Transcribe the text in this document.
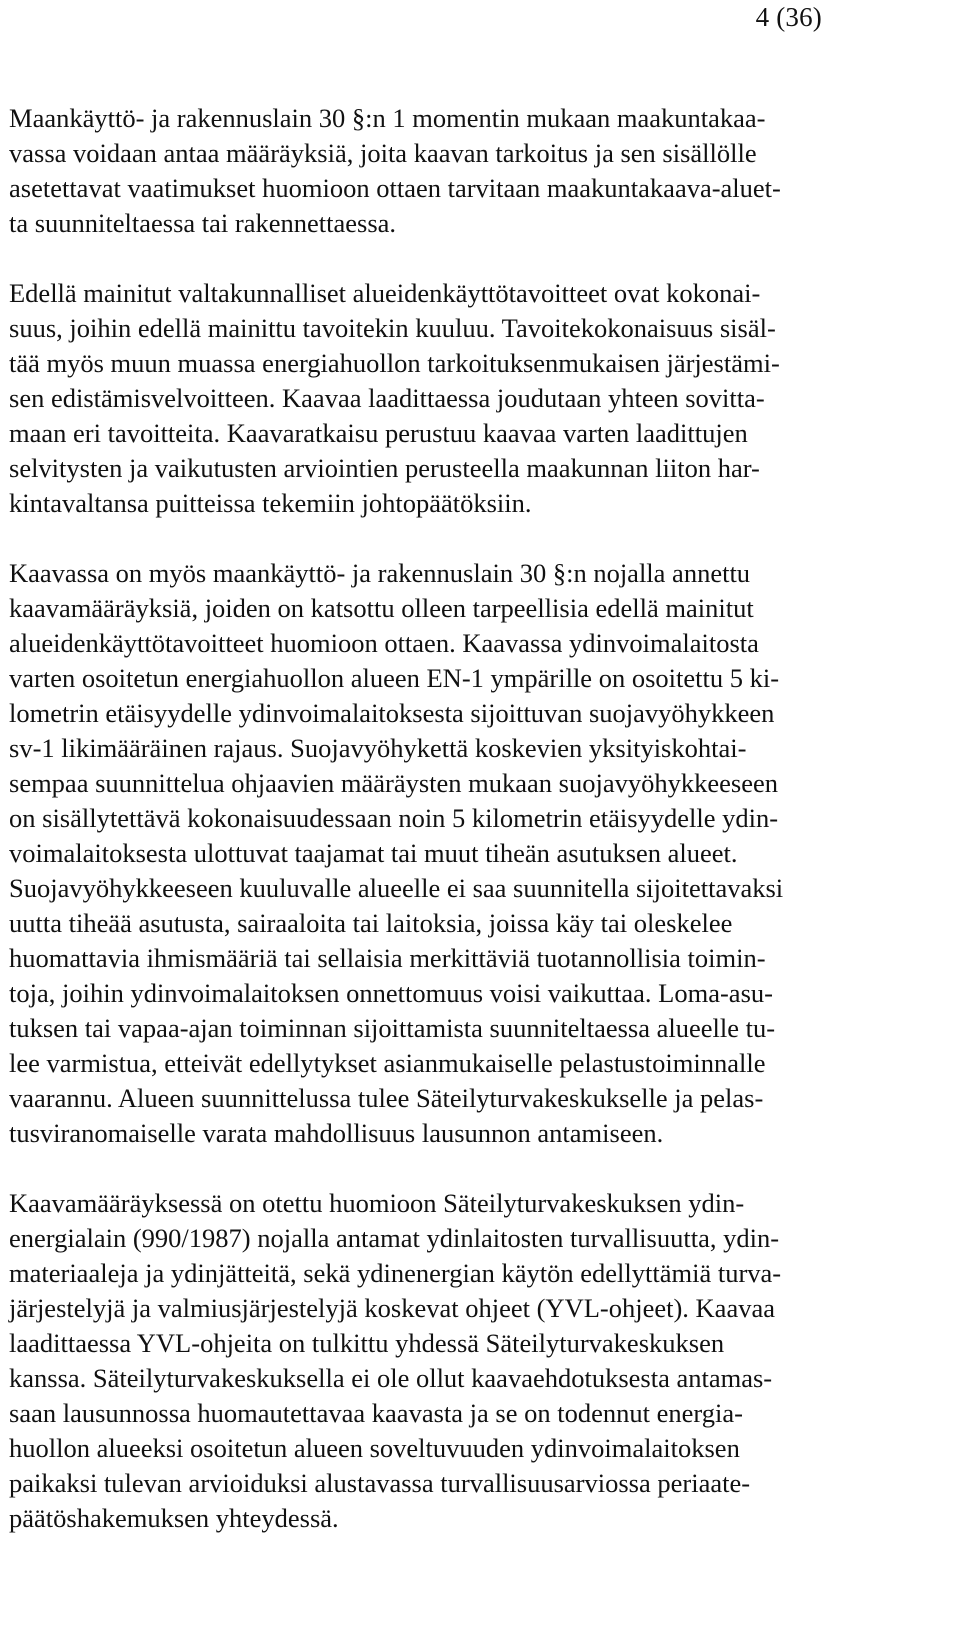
4 (36)

Maankäyttö- ja rakennuslain 30 §:n 1 momentin mukaan maakuntakaa-
vassa voidaan antaa määräyksiä, joita kaavan tarkoitus ja sen sisällölle
asetettavat vaatimukset huomioon ottaen tarvitaan maakuntakaava-aluet-
ta suunniteltaessa tai rakennettaessa.

Edellä mainitut valtakunnalliset alueidenkäyttötavoitteet ovat kokonai-
suus, joihin edellä mainittu tavoitekin kuuluu. Tavoitekokonaisuus sisäl-
tää myös muun muassa energiahuollon tarkoituksenmukaisen järjestämi-
sen edistämisvelvoitteen. Kaavaa laadittaessa joudutaan yhteen sovitta-
maan eri tavoitteita. Kaavaratkaisu perustuu kaavaa varten laadittujen
selvitysten ja vaikutusten arviointien perusteella maakunnan liiton har-
kintavaltansa puitteissa tekemiin johtopäätöksiin.

Kaavassa on myös maankäyttö- ja rakennuslain 30 §:n nojalla annettu
kaavamääräyksiä, joiden on katsottu olleen tarpeellisia edellä mainitut
alueidenkäyttötavoitteet huomioon ottaen. Kaavassa ydinvoimalaitosta
varten osoitetun energiahuollon alueen EN-1 ympärille on osoitettu 5 ki-
lometrin etäisyydelle ydinvoimalaitoksesta sijoittuvan suojavyöhykkeen
sv-1 likimääräinen rajaus. Suojavyöhykettä koskevien yksityiskohtai-
sempaa suunnittelua ohjaavien määräysten mukaan suojavyöhykkeeseen
on sisällytettävä kokonaisuudessaan noin 5 kilometrin etäisyydelle ydin-
voimalaitoksesta ulottuvat taajamat tai muut tiheän asutuksen alueet.
Suojavyöhykkeeseen kuuluvalle alueelle ei saa suunnitella sijoitettavaksi
uutta tiheää asutusta, sairaaloita tai laitoksia, joissa käy tai oleskelee
huomattavia ihmismääriä tai sellaisia merkittäviä tuotannollisia toimin-
toja, joihin ydinvoimalaitoksen onnettomuus voisi vaikuttaa. Loma-asu-
tuksen tai vapaa-ajan toiminnan sijoittamista suunniteltaessa alueelle tu-
lee varmistua, etteivät edellytykset asianmukaiselle pelastustoiminnalle
vaarannu. Alueen suunnittelussa tulee Säteilyturvakeskukselle ja pelas-
tusviranomaiselle varata mahdollisuus lausunnon antamiseen.

Kaavamääräyksessä on otettu huomioon Säteilyturvakeskuksen ydin-
energialain (990/1987) nojalla antamat ydinlaitosten turvallisuutta, ydin-
materiaaleja ja ydinjätteitä, sekä ydinenergian käytön edellyttämiä turva-
järjestelyjä ja valmiusjärjestelyjä koskevat ohjeet (YVL-ohjeet). Kaavaa
laadittaessa YVL-ohjeita on tulkittu yhdessä Säteilyturvakeskuksen
kanssa. Säteilyturvakeskuksella ei ole ollut kaavaehdotuksesta antamas-
saan lausunnossa huomautettavaa kaavasta ja se on todennut energia-
huollon alueeksi osoitetun alueen soveltuvuuden ydinvoimalaitoksen
paikaksi tulevan arvioiduksi alustavassa turvallisuusarviossa periaate-
päätöshakemuksen yhteydessä.
